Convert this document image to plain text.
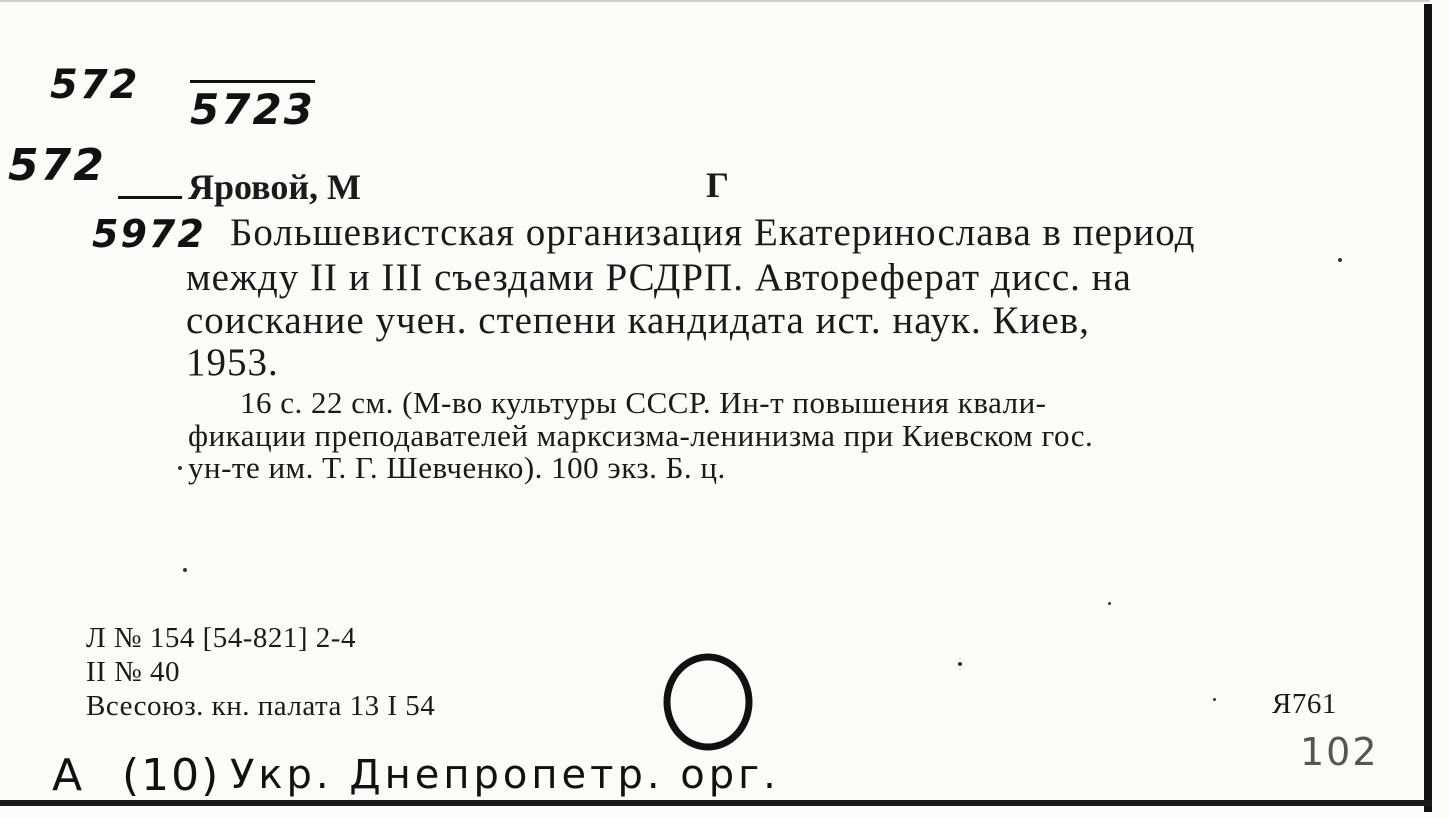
572 5723
572
5972
Яровой, М	Г
Большевистская организация Екатеринослава в период
между II и III съездами РСДРП. Автореферат дисс. на
соискание учен. степени кандидата ист. наук. Киев,
1953.
16 с. 22 см. (М-во культуры СССР. Ин-т повышения квали-
фикации преподавателей марксизма-ленинизма при Киевском гос.
ун-те им. Т. Г. Шевченко). 100 экз. Б. ц.
Л № 154 [54-821] 2-4
II № 40
Всесоюз. кн. палата 13 I 54	Я761
A (10) Укр. Днепропетр. орг.	102
